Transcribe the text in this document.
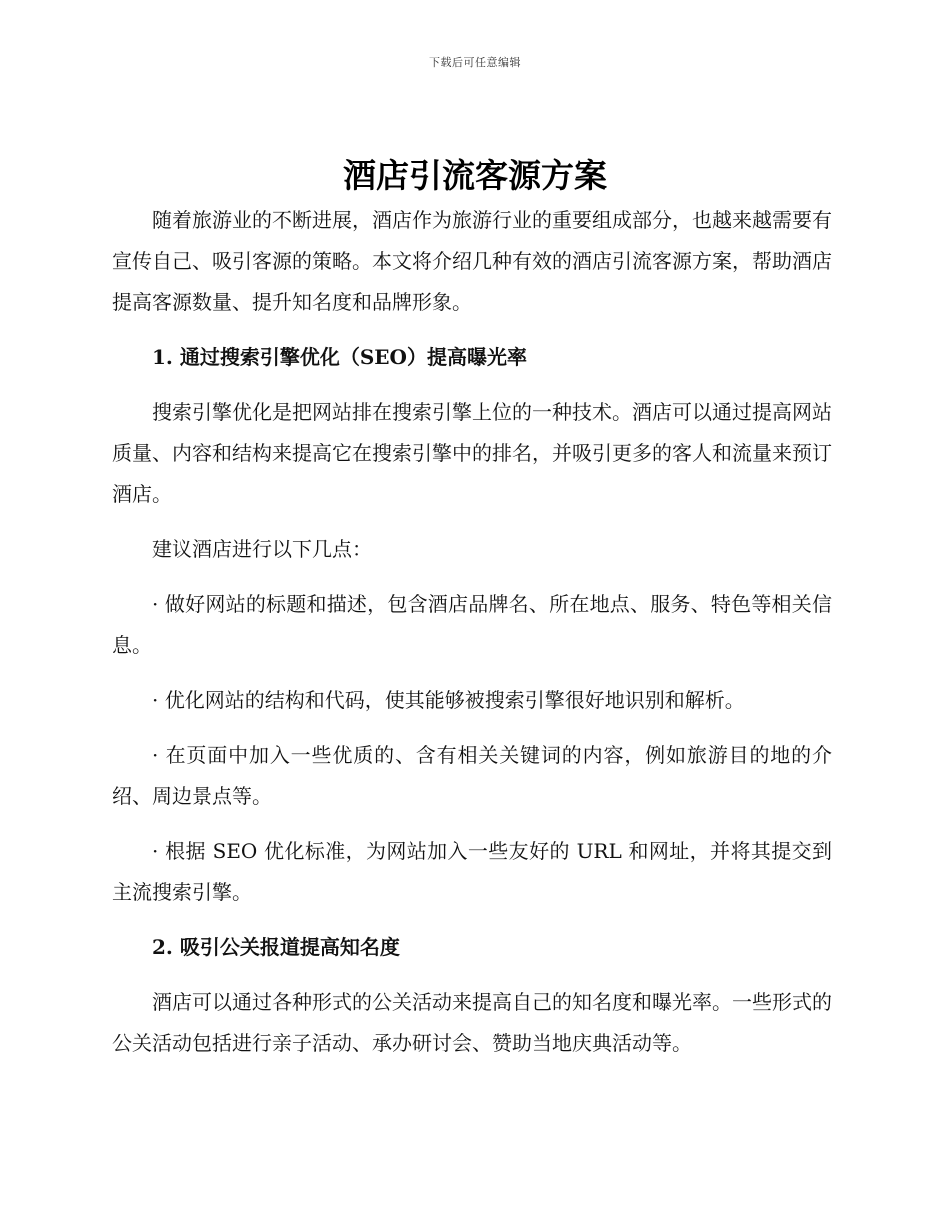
下载后可任意编辑
酒店引流客源方案

随着旅游业的不断进展，酒店作为旅游行业的重要组成部分，也越来越需要有宣传自己、吸引客源的策略。本文将介绍几种有效的酒店引流客源方案，帮助酒店提高客源数量、提升知名度和品牌形象。

1. 通过搜索引擎优化（SEO）提高曝光率

搜索引擎优化是把网站排在搜索引擎上位的一种技术。酒店可以通过提高网站质量、内容和结构来提高它在搜索引擎中的排名，并吸引更多的客人和流量来预订酒店。

建议酒店进行以下几点：

· 做好网站的标题和描述，包含酒店品牌名、所在地点、服务、特色等相关信息。

· 优化网站的结构和代码，使其能够被搜索引擎很好地识别和解析。

· 在页面中加入一些优质的、含有相关关键词的内容，例如旅游目的地的介绍、周边景点等。

· 根据 SEO 优化标准，为网站加入一些友好的 URL 和网址，并将其提交到主流搜索引擎。

2. 吸引公关报道提高知名度

酒店可以通过各种形式的公关活动来提高自己的知名度和曝光率。一些形式的公关活动包括进行亲子活动、承办研讨会、赞助当地庆典活动等。
